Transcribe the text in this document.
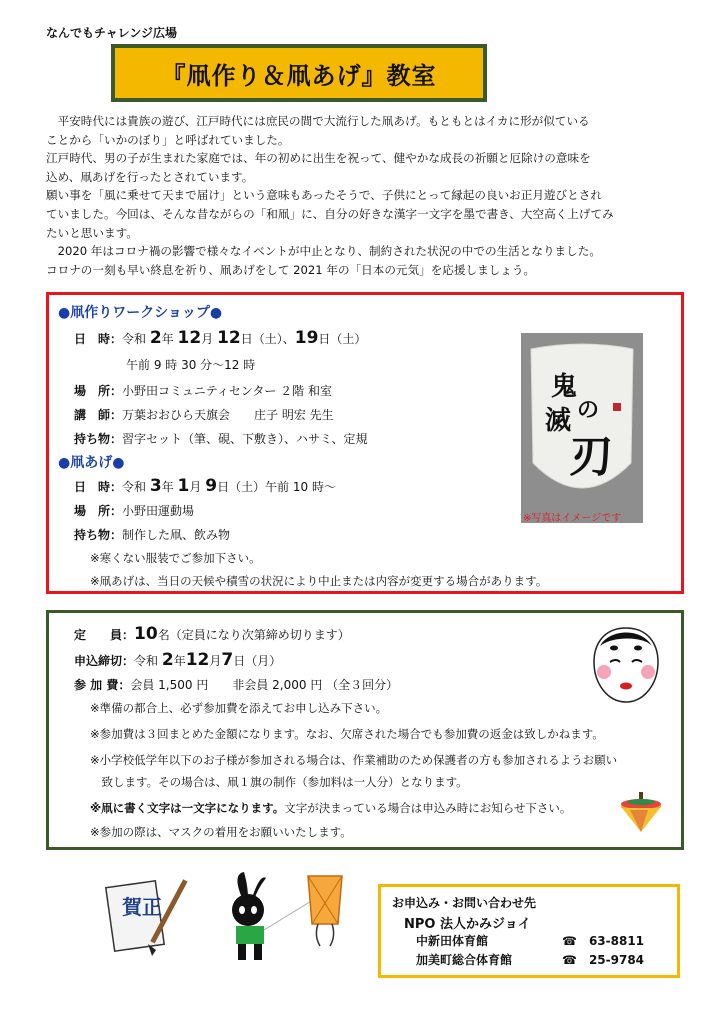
なんでもチャレンジ広場
『凧作り＆凧あげ』教室

　平安時代には貴族の遊び、江戸時代には庶民の間で大流行した凧あげ。もともとはイカに形が似ている

ことから「いかのぼり」と呼ばれていました。

江戸時代、男の子が生まれた家庭では、年の初めに出生を祝って、健やかな成長の祈願と厄除けの意味を

込め、凧あげを行ったとされています。

願い事を「風に乗せて天まで届け」という意味もあったそうで、子供にとって縁起の良いお正月遊びとされ

ていました。今回は、そんな昔ながらの「和凧」に、自分の好きな漢字一文字を墨で書き、大空高く上げてみ

たいと思います。

　2020 年はコロナ禍の影響で様々なイベントが中止となり、制約された状況の中での生活となりました。

コロナの一刻も早い終息を祈り、凧あげをして 2021 年の「日本の元気」を応援しましょう。

●凧作りワークショップ●
日　時：令和 2年 12月 12日（土）、19日（土）
午前 9 時 30 分～12 時
場　所：小野田コミュニティセンター ２階 和室
講　師：万葉おおひら天旗会　　庄子 明宏 先生
持ち物：習字セット（筆、硯、下敷き）、ハサミ、定規
●凧あげ●
日　時：令和 3年 1月 9日（土）午前 10 時～
場　所：小野田運動場
持ち物：制作した凧、飲み物
※寒くない服装でご参加下さい。
※凧あげは、当日の天候や積雪の状況により中止または内容が変更する場合があります。
鬼
滅 の
刃
※写真はイメージです
定　　員：10名（定員になり次第締め切ります）
申込締切：令和 2年12月7日（月）
参 加 費：会員 1,500 円　　非会員 2,000 円 （全３回分）
※準備の都合上、必ず参加費を添えてお申し込み下さい。
※参加費は３回まとめた金額になります。なお、欠席された場合でも参加費の返金は致しかねます。
※小学校低学年以下のお子様が参加される場合は、作業補助のため保護者の方も参加されるようお願い
　致します。その場合は、凧１旗の制作（参加料は一人分）となります。
※凧に書く文字は一文字になります。文字が決まっている場合は申込み時にお知らせ下さい。
※参加の際は、マスクの着用をお願いいたします。
賀正	お申込み・お問い合わせ先
NPO 法人かみジョイ
中新田体育館	☎　63-8811
加美町総合体育館	☎　25-9784
